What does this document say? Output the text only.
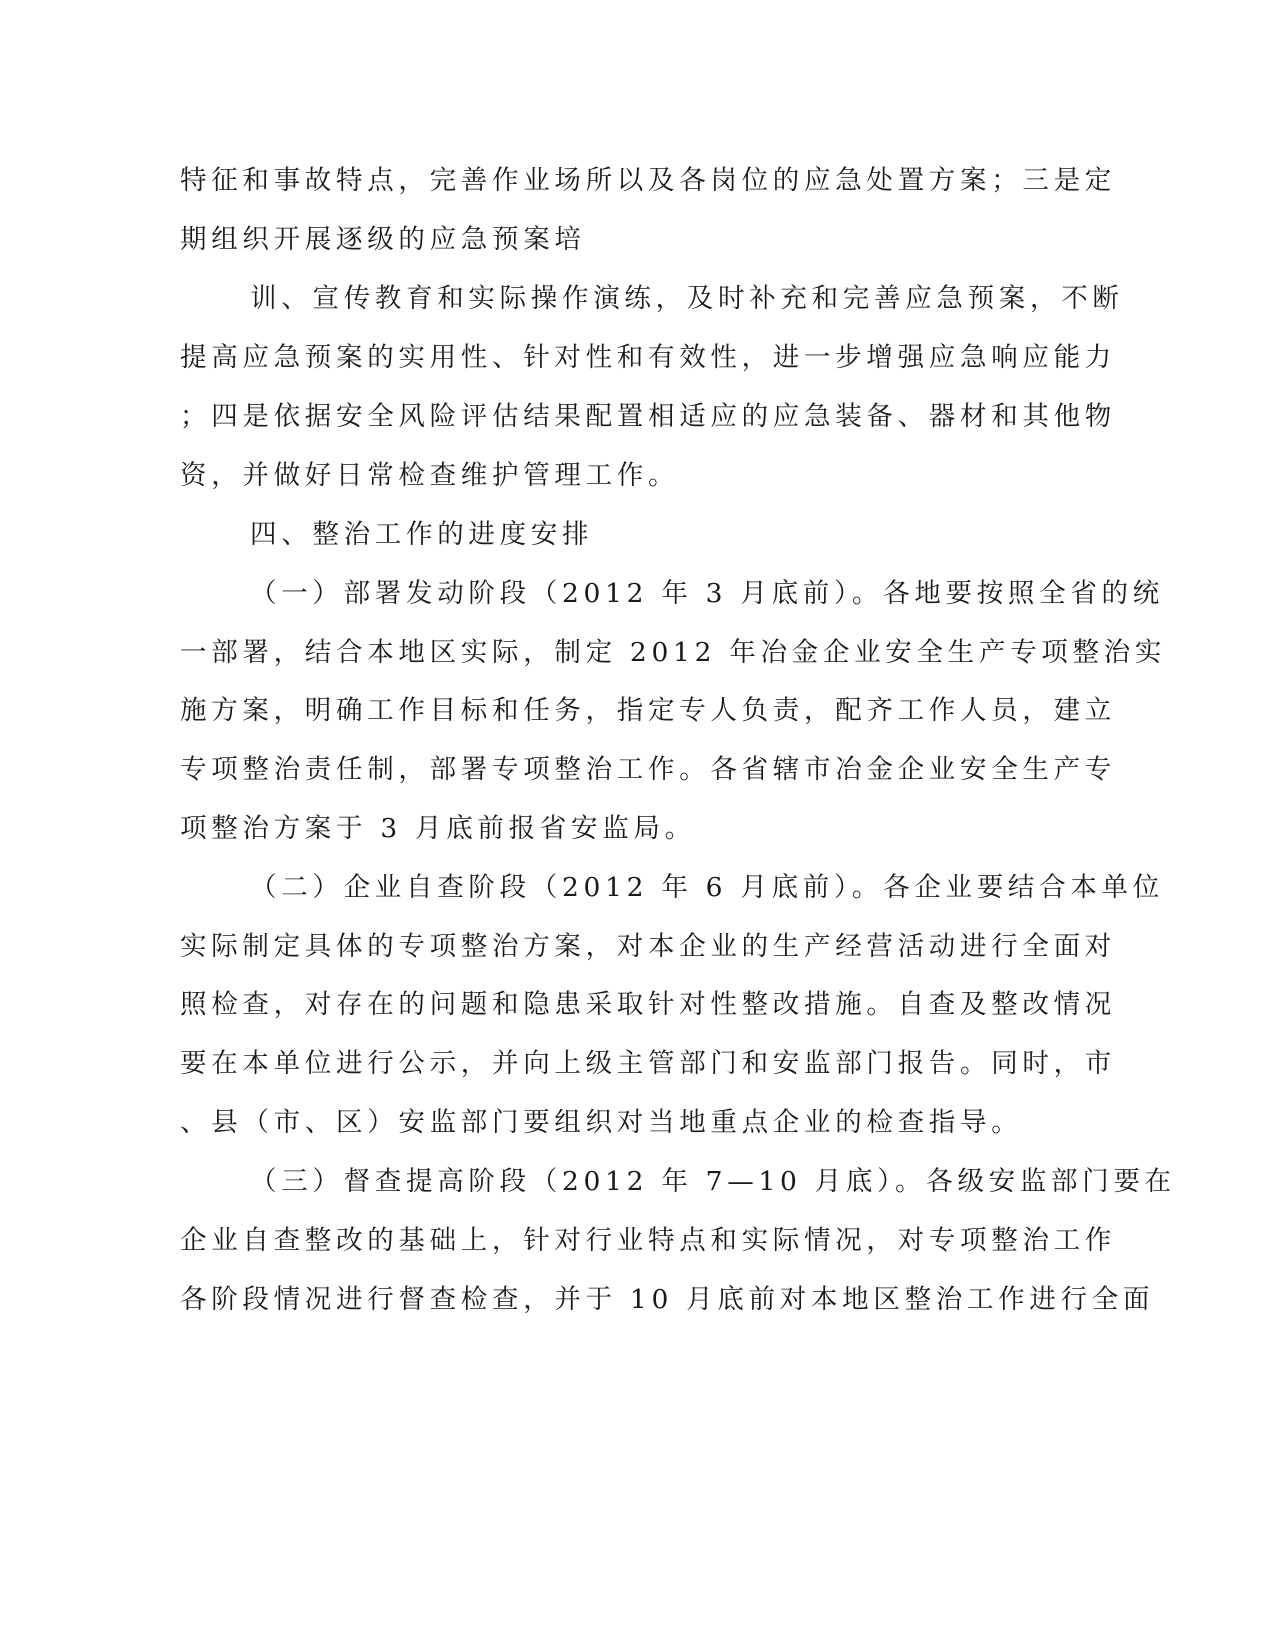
特征和事故特点，完善作业场所以及各岗位的应急处置方案；三是定
期组织开展逐级的应急预案培
训、宣传教育和实际操作演练，及时补充和完善应急预案，不断
提高应急预案的实用性、针对性和有效性，进一步增强应急响应能力
；四是依据安全风险评估结果配置相适应的应急装备、器材和其他物
资，并做好日常检查维护管理工作。
四、整治工作的进度安排
（一）部署发动阶段（2012 年 3 月底前）。各地要按照全省的统
一部署，结合本地区实际，制定 2012 年冶金企业安全生产专项整治实
施方案，明确工作目标和任务，指定专人负责，配齐工作人员，建立
专项整治责任制，部署专项整治工作。各省辖市冶金企业安全生产专
项整治方案于 3 月底前报省安监局。
（二）企业自查阶段（2012 年 6 月底前）。各企业要结合本单位
实际制定具体的专项整治方案，对本企业的生产经营活动进行全面对
照检查，对存在的问题和隐患采取针对性整改措施。自查及整改情况
要在本单位进行公示，并向上级主管部门和安监部门报告。同时，市
、县（市、区）安监部门要组织对当地重点企业的检查指导。
（三）督查提高阶段（2012 年 7—10 月底）。各级安监部门要在
企业自查整改的基础上，针对行业特点和实际情况，对专项整治工作
各阶段情况进行督查检查，并于 10 月底前对本地区整治工作进行全面
